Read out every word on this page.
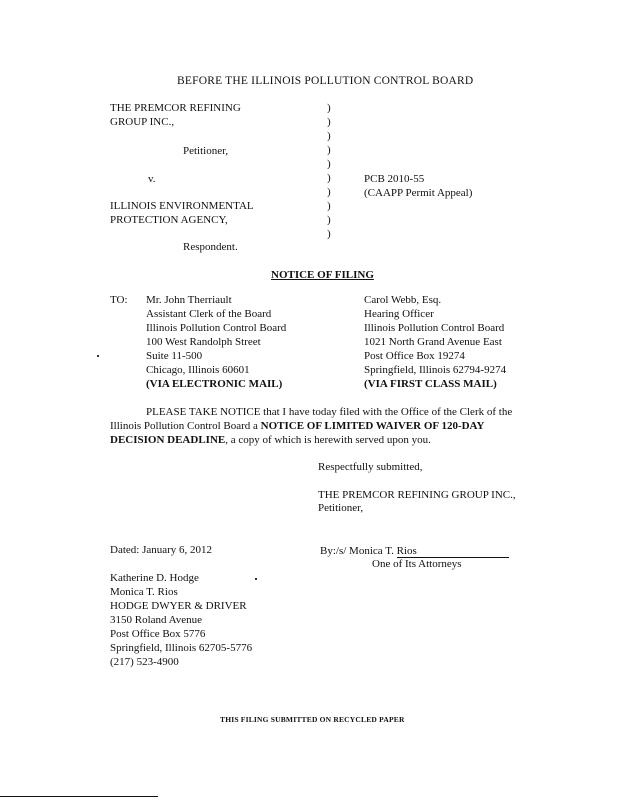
BEFORE THE ILLINOIS POLLUTION CONTROL BOARD
THE PREMCOR REFINING
GROUP INC.,
Petitioner,
v.
ILLINOIS ENVIRONMENTAL
PROTECTION AGENCY,
Respondent.
)
)
)
)
)
)
)
)
)
)
PCB 2010-55
(CAAPP Permit Appeal)
NOTICE OF FILING
TO: Mr. John Therriault
Assistant Clerk of the Board
Illinois Pollution Control Board
100 West Randolph Street
Suite 11-500
Chicago, Illinois 60601
(VIA ELECTRONIC MAIL)
Carol Webb, Esq.
Hearing Officer
Illinois Pollution Control Board
1021 North Grand Avenue East
Post Office Box 19274
Springfield, Illinois 62794-9274
(VIA FIRST CLASS MAIL)
PLEASE TAKE NOTICE that I have today filed with the Office of the Clerk of the Illinois Pollution Control Board a NOTICE OF LIMITED WAIVER OF 120-DAY DECISION DEADLINE, a copy of which is herewith served upon you.
Respectfully submitted,
THE PREMCOR REFINING GROUP INC.,
Petitioner,
Dated: January 6, 2012	By:/s/ Monica T. Rios
One of Its Attorneys
Katherine D. Hodge
Monica T. Rios
HODGE DWYER & DRIVER
3150 Roland Avenue
Post Office Box 5776
Springfield, Illinois 62705-5776
(217) 523-4900
THIS FILING SUBMITTED ON RECYCLED PAPER
